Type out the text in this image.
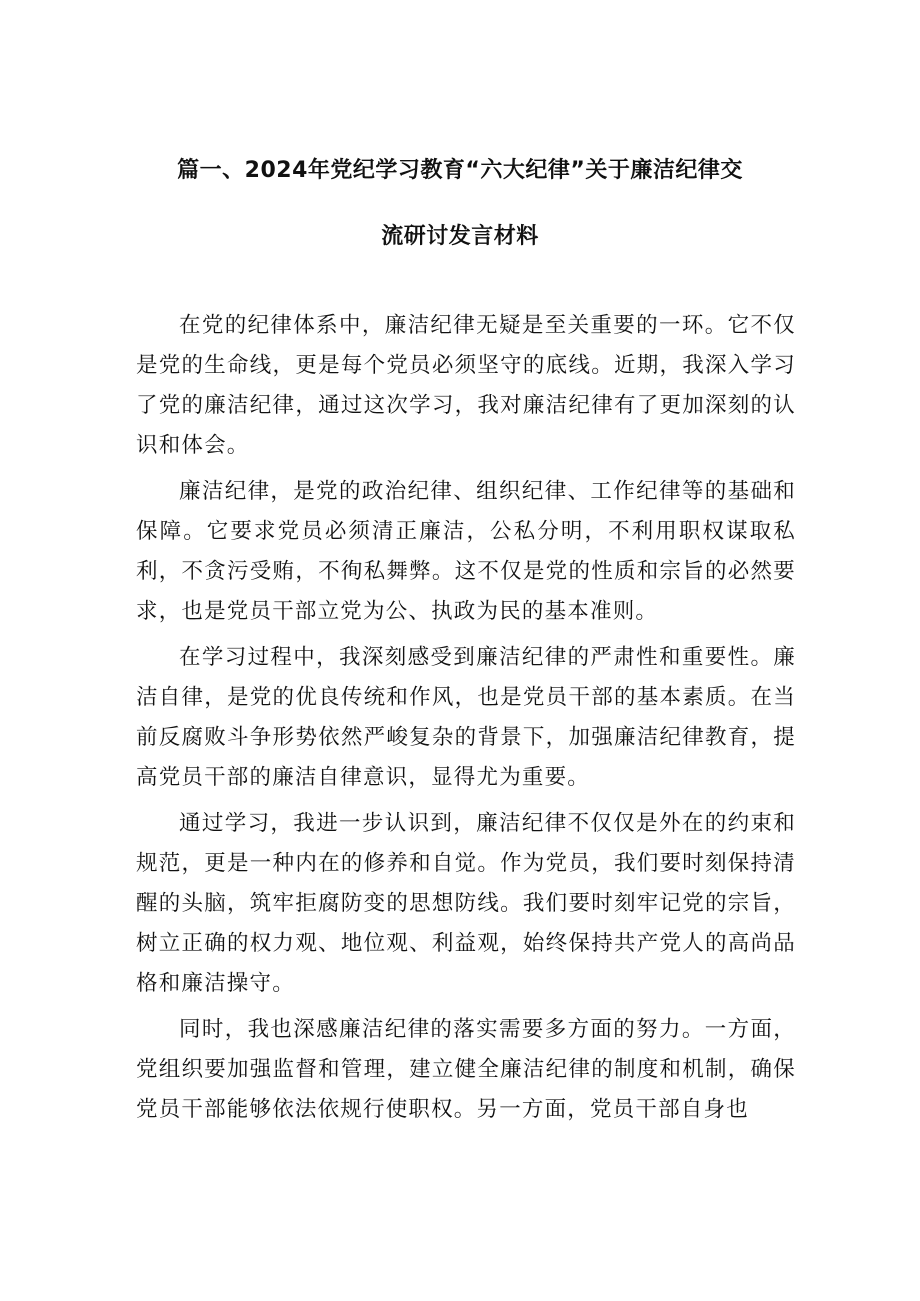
篇一、2024年党纪学习教育“六大纪律”关于廉洁纪律交
流研讨发言材料

在党的纪律体系中，廉洁纪律无疑是至关重要的一环。它不仅是党的生命线，更是每个党员必须坚守的底线。近期，我深入学习了党的廉洁纪律，通过这次学习，我对廉洁纪律有了更加深刻的认识和体会。

廉洁纪律，是党的政治纪律、组织纪律、工作纪律等的基础和保障。它要求党员必须清正廉洁，公私分明，不利用职权谋取私利，不贪污受贿，不徇私舞弊。这不仅是党的性质和宗旨的必然要求，也是党员干部立党为公、执政为民的基本准则。

在学习过程中，我深刻感受到廉洁纪律的严肃性和重要性。廉洁自律，是党的优良传统和作风，也是党员干部的基本素质。在当前反腐败斗争形势依然严峻复杂的背景下，加强廉洁纪律教育，提高党员干部的廉洁自律意识，显得尤为重要。

通过学习，我进一步认识到，廉洁纪律不仅仅是外在的约束和规范，更是一种内在的修养和自觉。作为党员，我们要时刻保持清醒的头脑，筑牢拒腐防变的思想防线。我们要时刻牢记党的宗旨，树立正确的权力观、地位观、利益观，始终保持共产党人的高尚品格和廉洁操守。

同时，我也深感廉洁纪律的落实需要多方面的努力。一方面，党组织要加强监督和管理，建立健全廉洁纪律的制度和机制，确保党员干部能够依法依规行使职权。另一方面，党员干部自身也
